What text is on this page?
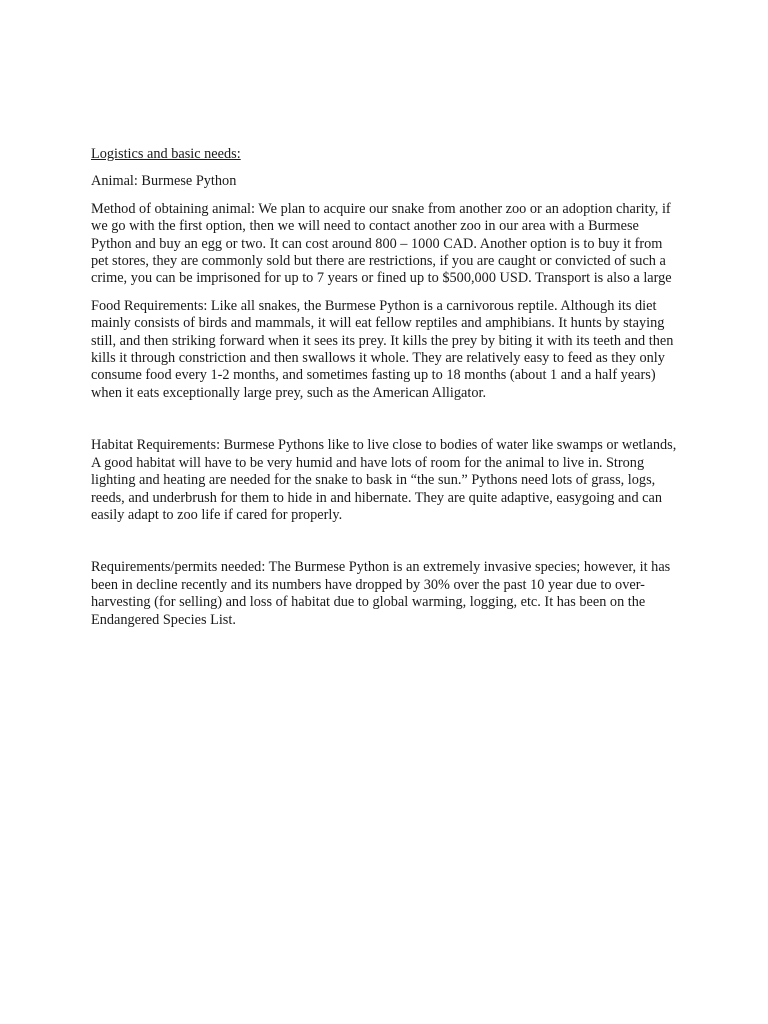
Logistics and basic needs:

Animal: Burmese Python

Method of obtaining animal: We plan to acquire our snake from another zoo or an adoption charity, if we go with the first option, then we will need to contact another zoo in our area with a Burmese Python and buy an egg or two. It can cost around 800 – 1000 CAD. Another option is to buy it from pet stores, they are commonly sold but there are restrictions, if you are caught or convicted of such a crime, you can be imprisoned for up to 7 years or fined up to $500,000 USD. Transport is also a large

Food Requirements: Like all snakes, the Burmese Python is a carnivorous reptile. Although its diet mainly consists of birds and mammals, it will eat fellow reptiles and amphibians. It hunts by staying still, and then striking forward when it sees its prey. It kills the prey by biting it with its teeth and then kills it through constriction and then swallows it whole. They are relatively easy to feed as they only consume food every 1-2 months, and sometimes fasting up to 18 months (about 1 and a half years) when it eats exceptionally large prey, such as the American Alligator.

Habitat Requirements: Burmese Pythons like to live close to bodies of water like swamps or wetlands, A good habitat will have to be very humid and have lots of room for the animal to live in. Strong lighting and heating are needed for the snake to bask in “the sun.” Pythons need lots of grass, logs, reeds, and underbrush for them to hide in and hibernate. They are quite adaptive, easygoing and can easily adapt to zoo life if cared for properly.

Requirements/permits needed: The Burmese Python is an extremely invasive species; however, it has been in decline recently and its numbers have dropped by 30% over the past 10 year due to over-harvesting (for selling) and loss of habitat due to global warming, logging, etc. It has been on the Endangered Species List.
